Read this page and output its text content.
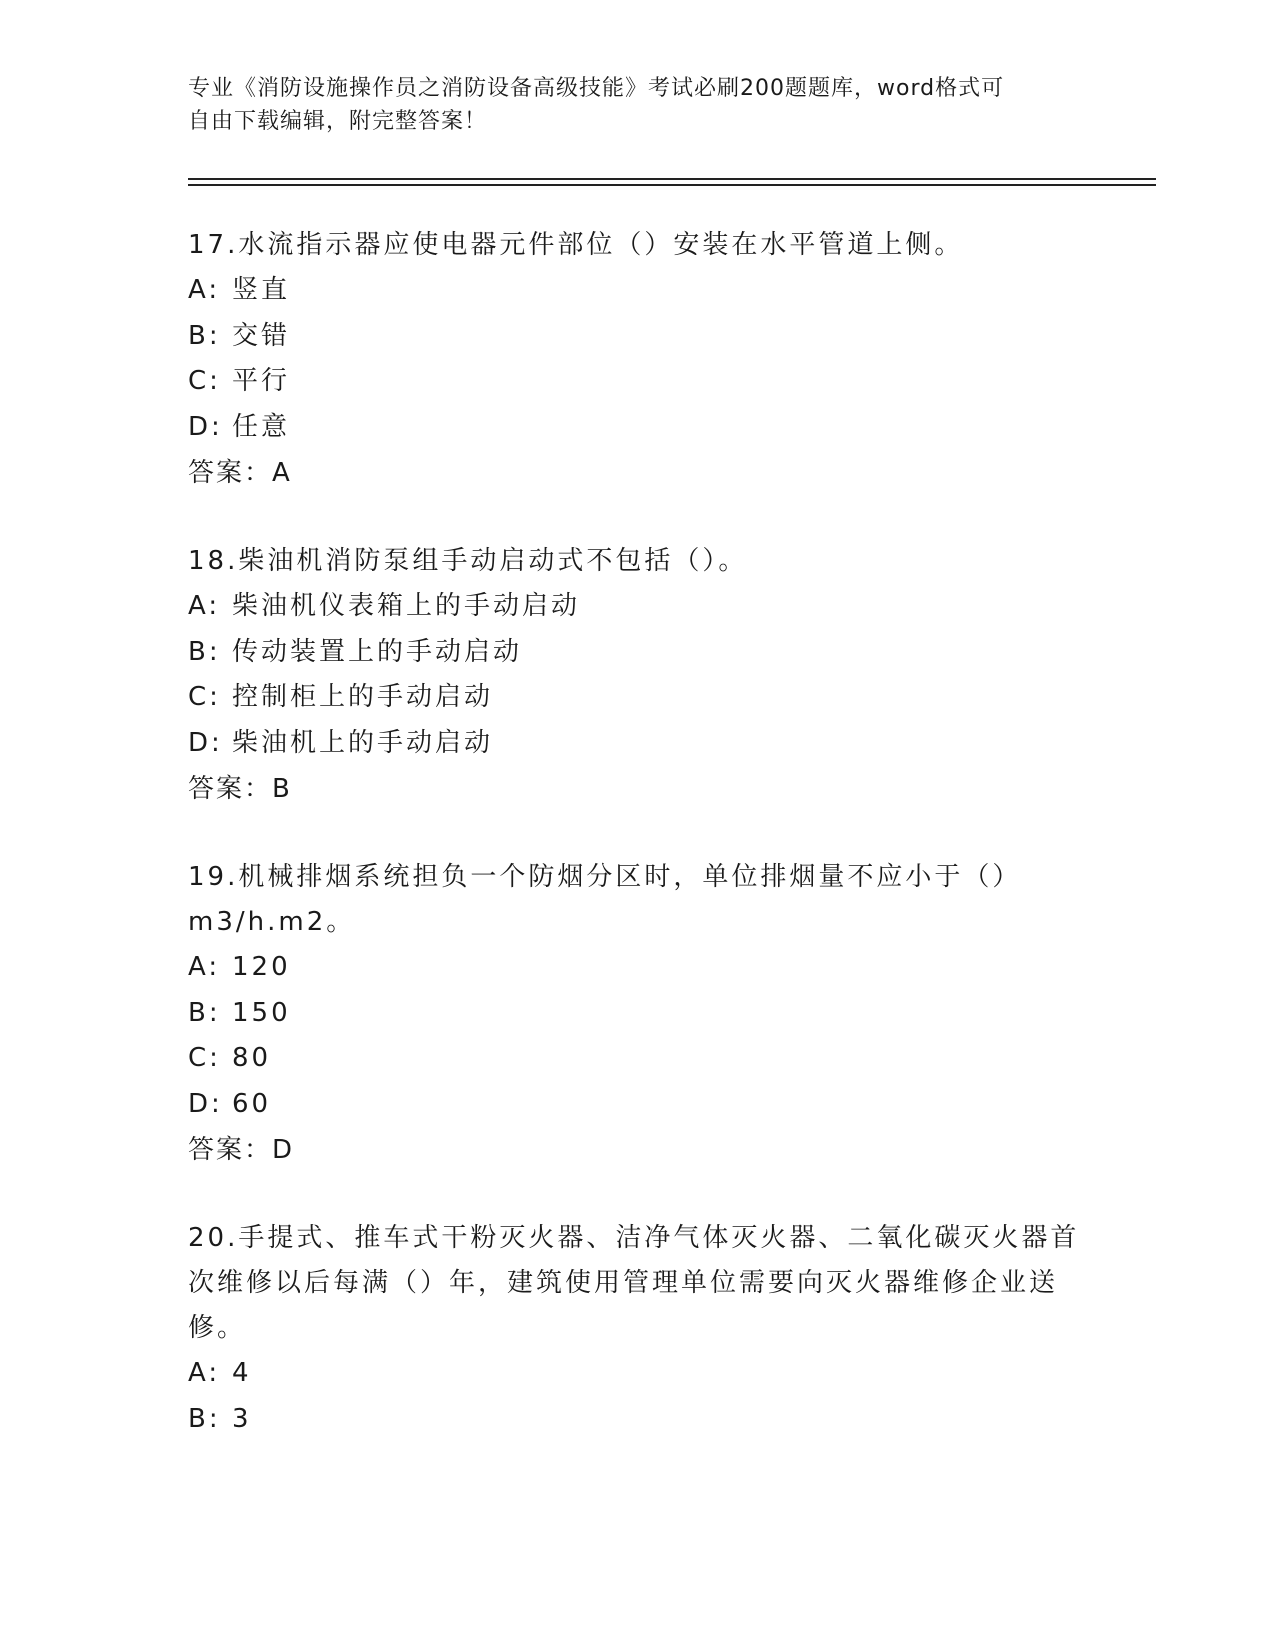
专业《消防设施操作员之消防设备高级技能》考试必刷200题题库，word格式可
自由下载编辑，附完整答案！

17.水流指示器应使电器元件部位（）安装在水平管道上侧。

A: 竖直

B: 交错

C: 平行

D: 任意

答案：A

18.柴油机消防泵组手动启动式不包括（）。

A: 柴油机仪表箱上的手动启动

B: 传动装置上的手动启动

C: 控制柜上的手动启动

D: 柴油机上的手动启动

答案：B

19.机械排烟系统担负一个防烟分区时，单位排烟量不应小于（）m3/h.m2。

A: 120

B: 150

C: 80

D: 60

答案：D

20.手提式、推车式干粉灭火器、洁净气体灭火器、二氧化碳灭火器首次维修以后每满（）年，建筑使用管理单位需要向灭火器维修企业送修。

A: 4

B: 3
